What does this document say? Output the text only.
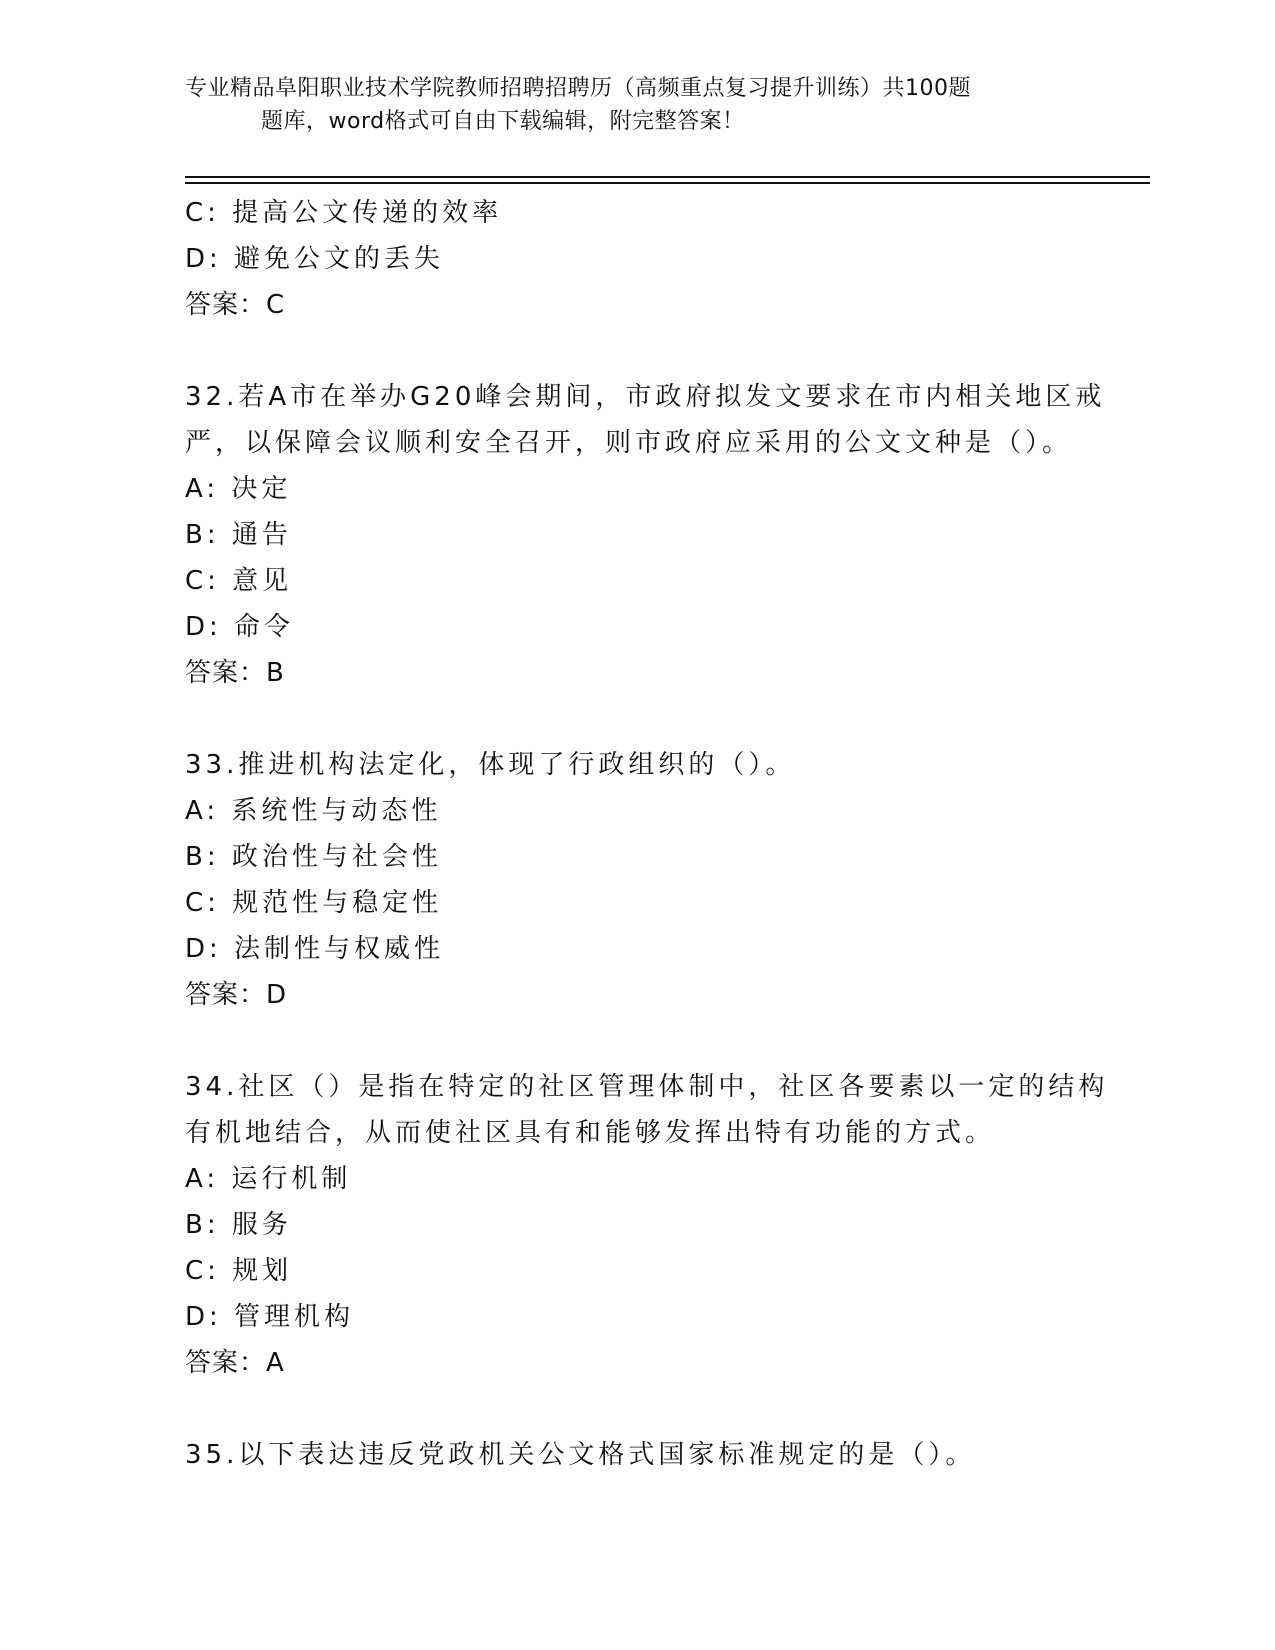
专业精品阜阳职业技术学院教师招聘招聘历（高频重点复习提升训练）共100题
题库，word格式可自由下载编辑，附完整答案！
C: 提高公文传递的效率
D: 避免公文的丢失
答案：C
32.若A市在举办G20峰会期间，市政府拟发文要求在市内相关地区戒
严，以保障会议顺利安全召开，则市政府应采用的公文文种是（）。
A: 决定
B: 通告
C: 意见
D: 命令
答案：B
33.推进机构法定化，体现了行政组织的（）。
A: 系统性与动态性
B: 政治性与社会性
C: 规范性与稳定性
D: 法制性与权威性
答案：D
34.社区（）是指在特定的社区管理体制中，社区各要素以一定的结构
有机地结合，从而使社区具有和能够发挥出特有功能的方式。
A: 运行机制
B: 服务
C: 规划
D: 管理机构
答案：A
35.以下表达违反党政机关公文格式国家标准规定的是（）。
